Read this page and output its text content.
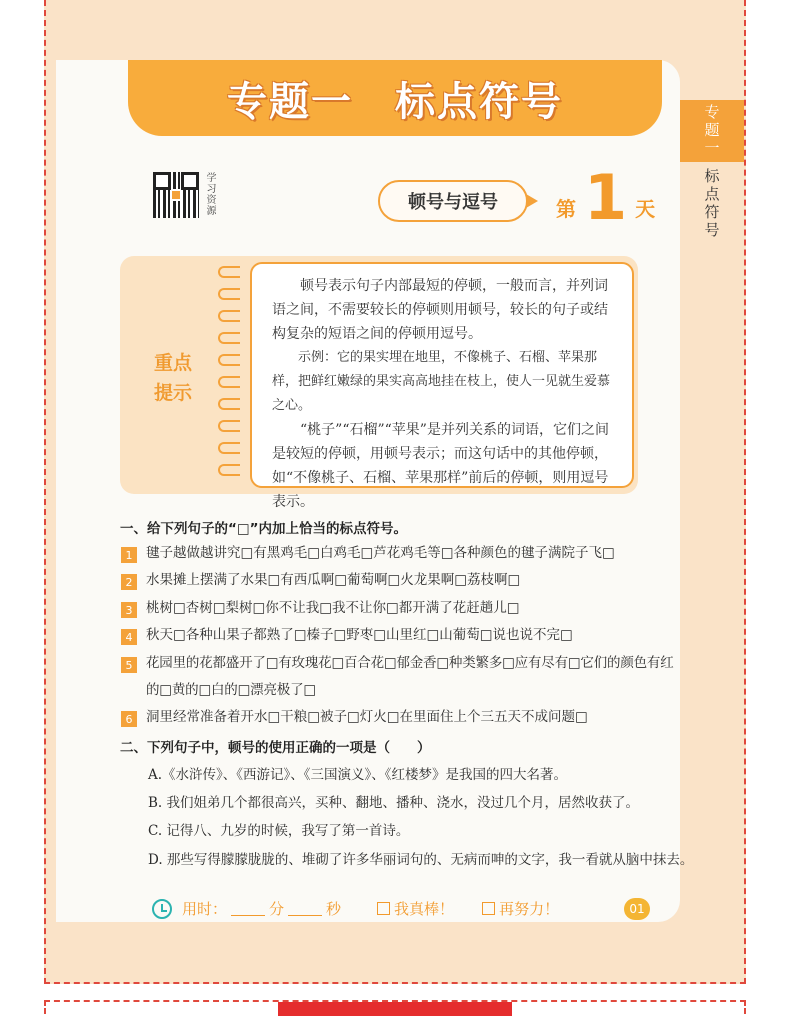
专题一　标点符号
专题一
标点符号
学习资源	顿号与逗号	第 1 天
重点提示

顿号表示句子内部最短的停顿，一般而言，并列词语之间，不需要较长的停顿则用顿号，较长的句子或结构复杂的短语之间的停顿用逗号。

示例：它的果实埋在地里，不像桃子、石榴、苹果那样，把鲜红嫩绿的果实高高地挂在枝上，使人一见就生爱慕之心。

“桃子”“石榴”“苹果”是并列关系的词语，它们之间是较短的停顿，用顿号表示；而这句话中的其他停顿，如“不像桃子、石榴、苹果那样”前后的停顿，则用逗号表示。

一、给下列句子的“□”内加上恰当的标点符号。
1	毽子越做越讲究□有黑鸡毛□白鸡毛□芦花鸡毛等□各种颜色的毽子满院子飞□
2	水果摊上摆满了水果□有西瓜啊□葡萄啊□火龙果啊□荔枝啊□
3	桃树□杏树□梨树□你不让我□我不让你□都开满了花赶趟儿□
4	秋天□各种山果子都熟了□榛子□野枣□山里红□山葡萄□说也说不完□
5	花园里的花都盛开了□有玫瑰花□百合花□郁金香□种类繁多□应有尽有□它们的颜色有红的□黄的□白的□漂亮极了□
6	洞里经常准备着开水□干粮□被子□灯火□在里面住上个三五天不成问题□
二、下列句子中，顿号的使用正确的一项是（　　）
A.《水浒传》、《西游记》、《三国演义》、《红楼梦》是我国的四大名著。
B. 我们姐弟几个都很高兴，买种、翻地、播种、浇水，没过几个月，居然收获了。
C. 记得八、九岁的时候，我写了第一首诗。
D. 那些写得朦朦胧胧的、堆砌了许多华丽词句的、无病而呻的文字，我一看就从脑中抹去。
用时：	分	秒	我真棒！	再努力！	01
